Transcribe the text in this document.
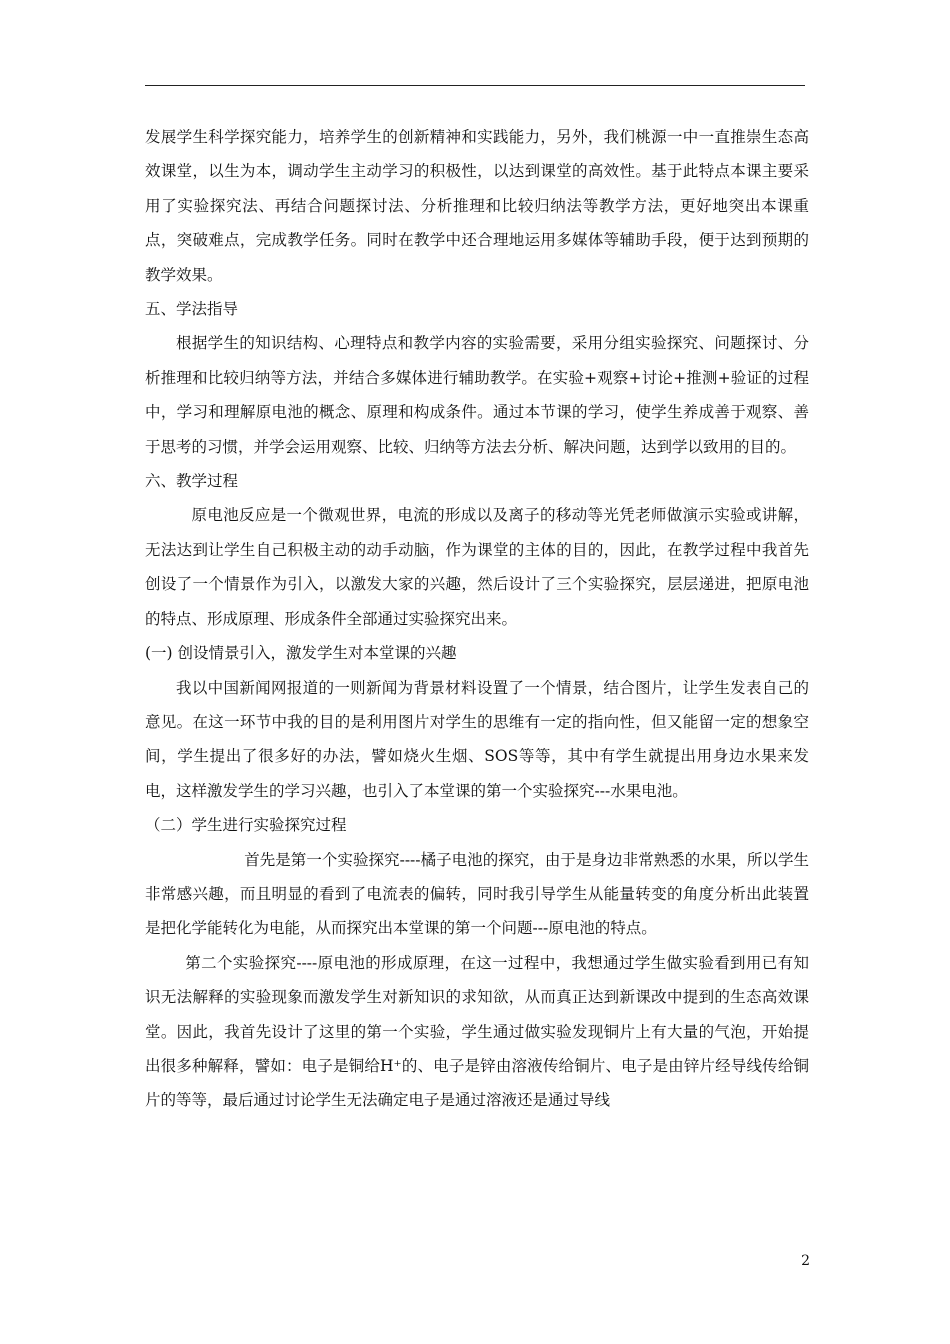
发展学生科学探究能力，培养学生的创新精神和实践能力，另外，我们桃源一中一直推崇生态高效课堂，以生为本，调动学生主动学习的积极性，以达到课堂的高效性。基于此特点本课主要采用了实验探究法、再结合问题探讨法、分析推理和比较归纳法等教学方法，更好地突出本课重点，突破难点，完成教学任务。同时在教学中还合理地运用多媒体等辅助手段，便于达到预期的教学效果。

五、学法指导

根据学生的知识结构、心理特点和教学内容的实验需要，采用分组实验探究、问题探讨、分析推理和比较归纳等方法，并结合多媒体进行辅助教学。在实验+观察+讨论+推测+验证的过程中，学习和理解原电池的概念、原理和构成条件。通过本节课的学习，使学生养成善于观察、善于思考的习惯，并学会运用观察、比较、归纳等方法去分析、解决问题，达到学以致用的目的。

六、教学过程

原电池反应是一个微观世界，电流的形成以及离子的移动等光凭老师做演示实验或讲解，无法达到让学生自己积极主动的动手动脑，作为课堂的主体的目的，因此，在教学过程中我首先创设了一个情景作为引入，以激发大家的兴趣，然后设计了三个实验探究，层层递进，把原电池的特点、形成原理、形成条件全部通过实验探究出来。

(一) 创设情景引入，激发学生对本堂课的兴趣

我以中国新闻网报道的一则新闻为背景材料设置了一个情景，结合图片，让学生发表自己的意见。在这一环节中我的目的是利用图片对学生的思维有一定的指向性，但又能留一定的想象空间，学生提出了很多好的办法，譬如烧火生烟、SOS等等，其中有学生就提出用身边水果来发电，这样激发学生的学习兴趣，也引入了本堂课的第一个实验探究---水果电池。

（二）学生进行实验探究过程

首先是第一个实验探究----橘子电池的探究，由于是身边非常熟悉的水果，所以学生非常感兴趣，而且明显的看到了电流表的偏转，同时我引导学生从能量转变的角度分析出此装置是把化学能转化为电能，从而探究出本堂课的第一个问题---原电池的特点。

第二个实验探究----原电池的形成原理，在这一过程中，我想通过学生做实验看到用已有知识无法解释的实验现象而激发学生对新知识的求知欲，从而真正达到新课改中提到的生态高效课堂。因此，我首先设计了这里的第一个实验，学生通过做实验发现铜片上有大量的气泡，开始提出很多种解释，譬如：电子是铜给H⁺的、电子是锌由溶液传给铜片、电子是由锌片经导线传给铜片的等等，最后通过讨论学生无法确定电子是通过溶液还是通过导线

2
